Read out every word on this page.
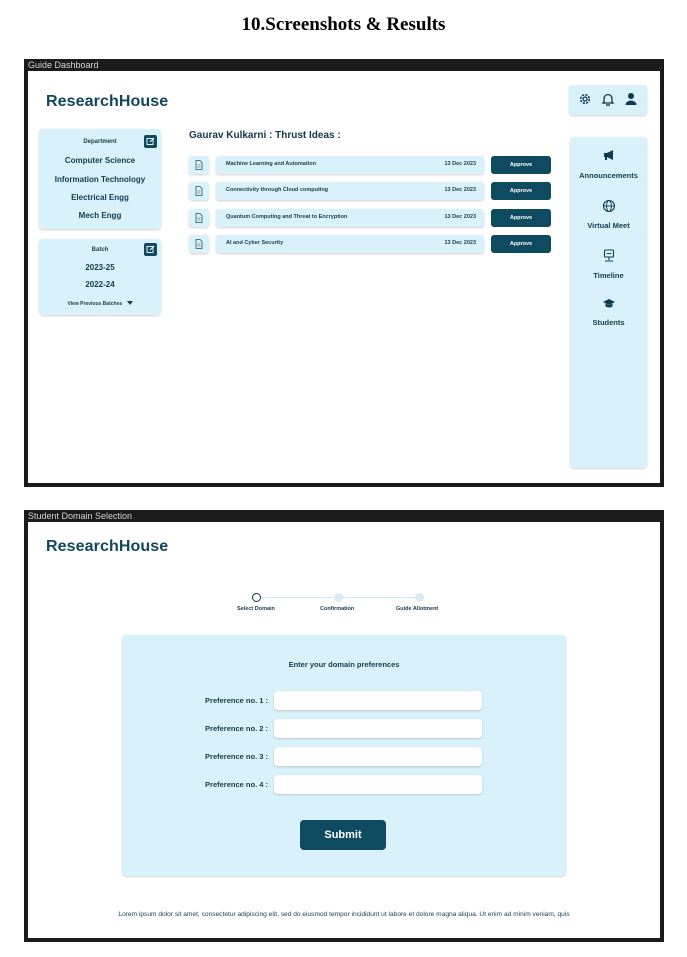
10.Screenshots & Results
Guide Dashboard
ResearchHouse
Department
Computer Science
Information Technology
Electrical Engg
Mech Engg
Batch
2023-25
2022-24
View Previous Batches
Gaurav Kulkarni : Thrust Ideas :
Machine Learning and Automation	13 Dec 2023	Approve
Connectivity through Cloud computing	13 Dec 2023	Approve
Quantum Computing and Threat to Encryption	13 Dec 2023	Approve
AI and Cyber Security	13 Dec 2023	Approve
Announcements
Virtual Meet
Timeline
Students
Student Domain Selection
ResearchHouse
Select Domain	Confirmation	Guide Allotment
Enter your domain preferences
Preference no. 1 :
Preference no. 2 :
Preference no. 3 :
Preference no. 4 :
Submit
Lorem ipsum dolor sit amet, consectetur adipiscing elit, sed do eiusmod tempor incididunt ut labore et dolore magna aliqua. Ut enim ad minim veniam, quis
